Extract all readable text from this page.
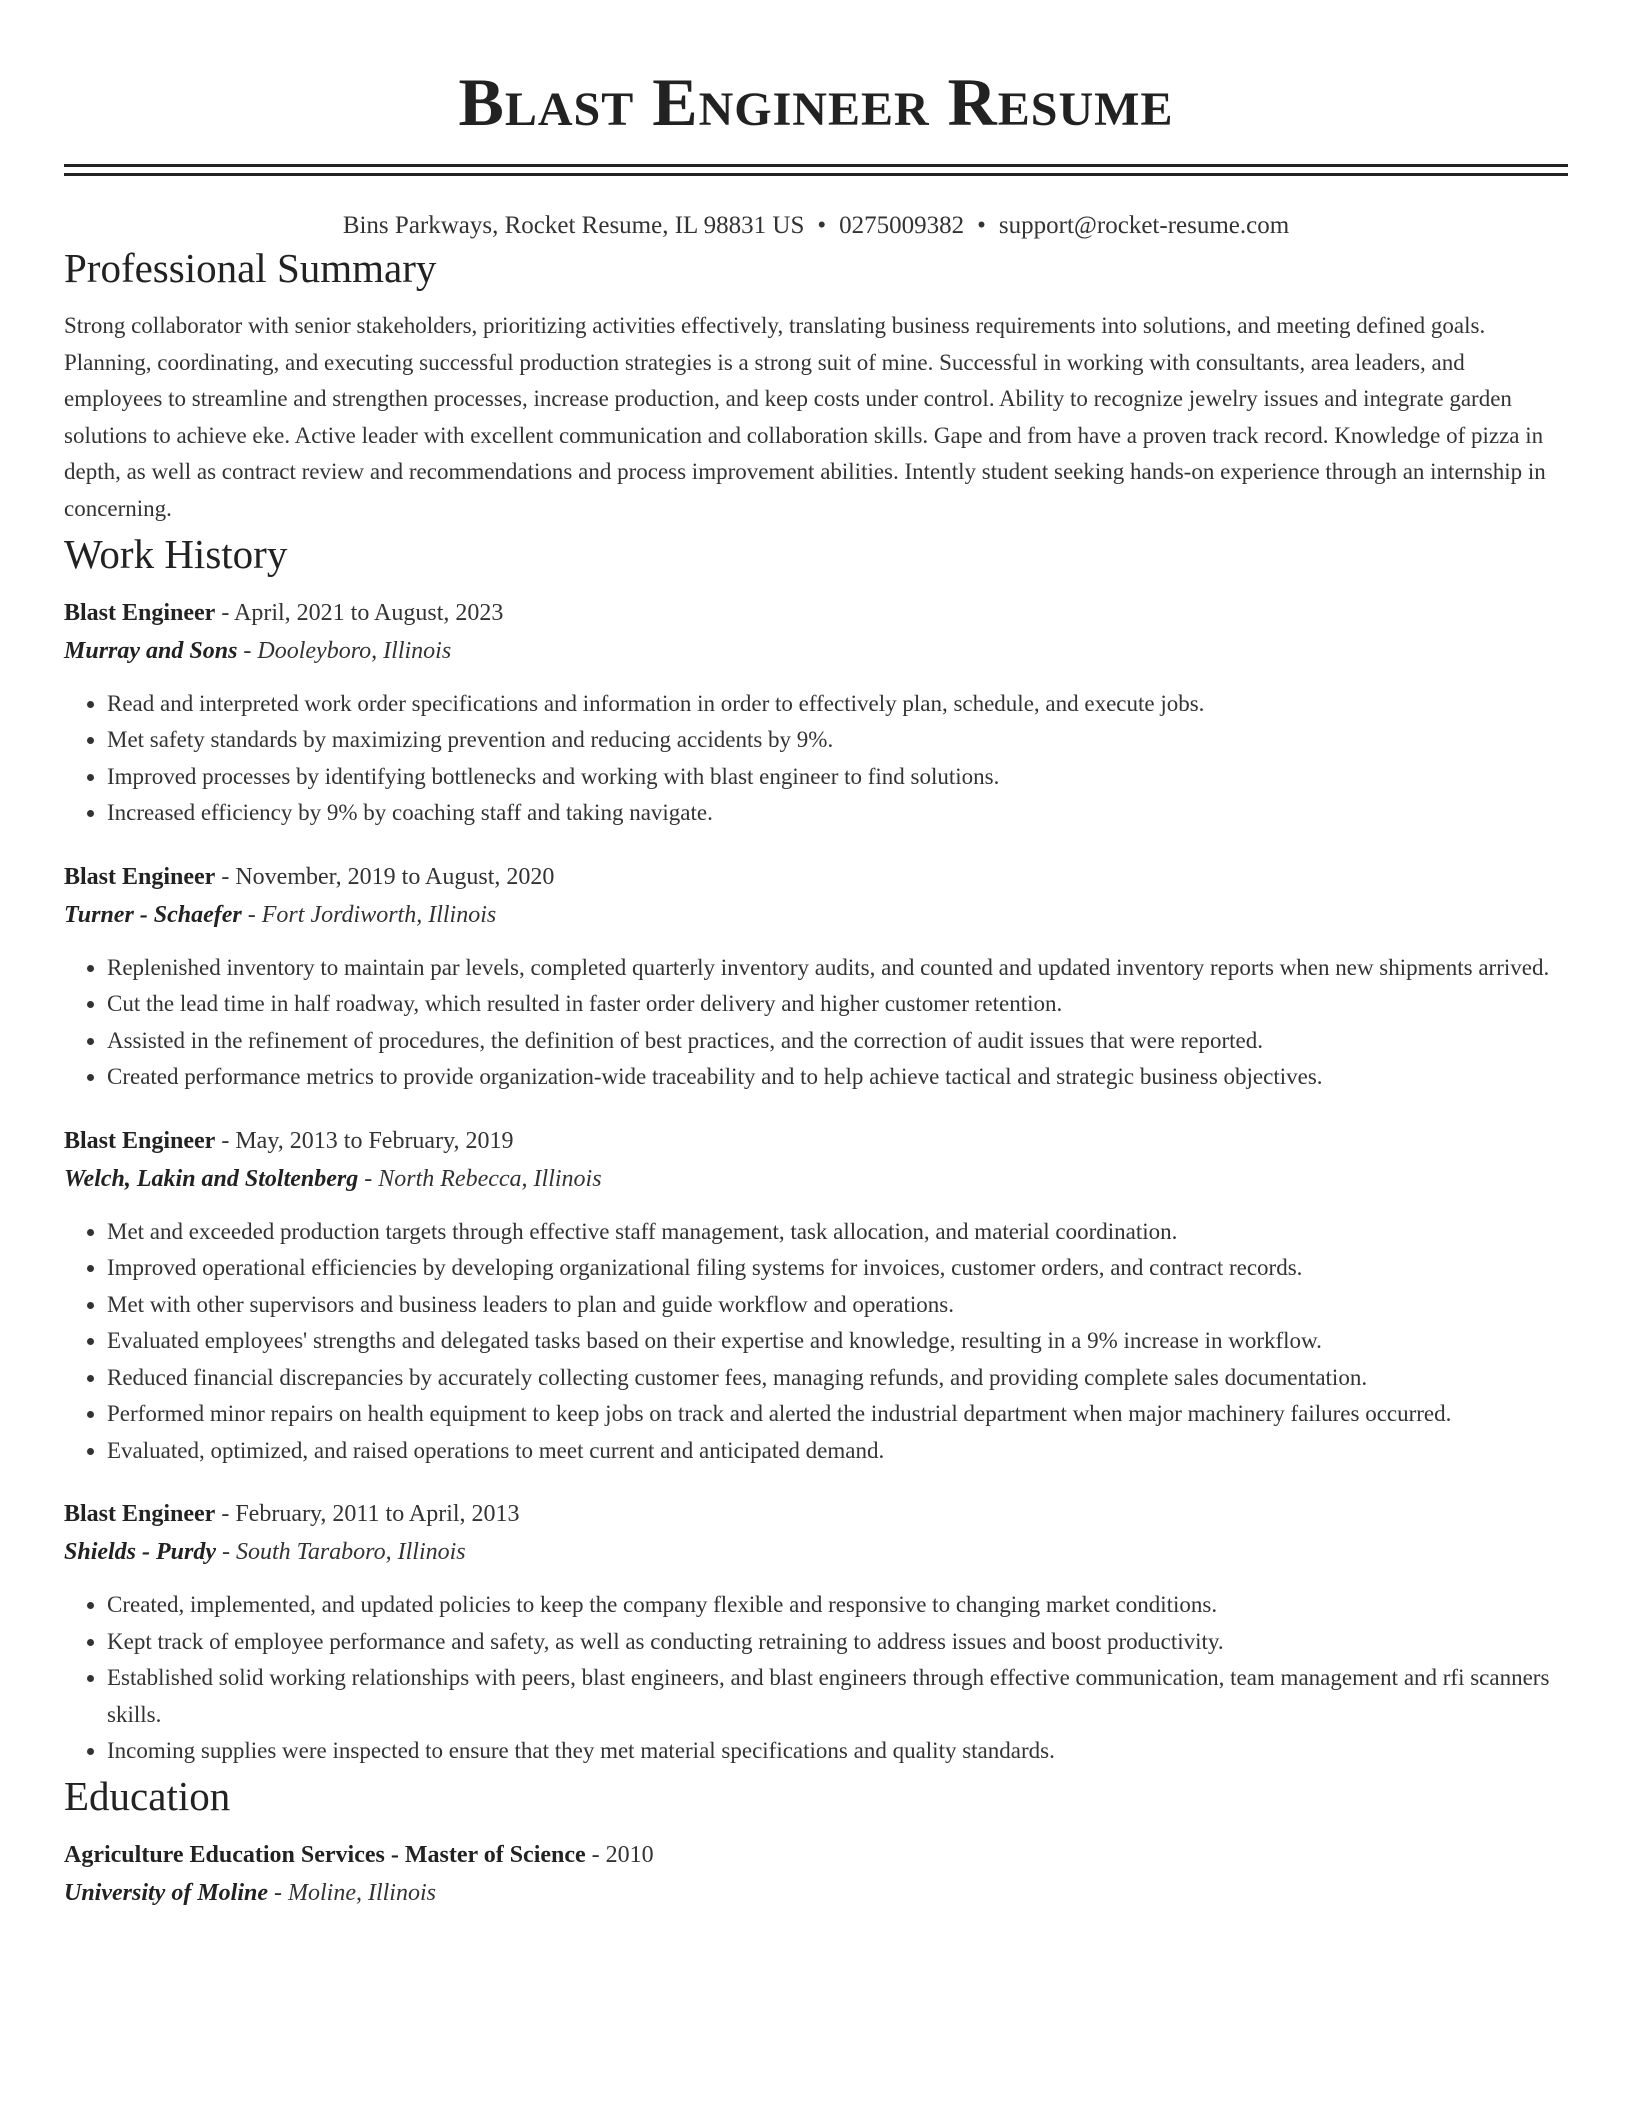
Blast Engineer Resume
Bins Parkways, Rocket Resume, IL 98831 US • 0275009382 • support@rocket-resume.com
Professional Summary

Strong collaborator with senior stakeholders, prioritizing activities effectively, translating business requirements into solutions, and meeting defined goals. Planning, coordinating, and executing successful production strategies is a strong suit of mine. Successful in working with consultants, area leaders, and employees to streamline and strengthen processes, increase production, and keep costs under control. Ability to recognize jewelry issues and integrate garden solutions to achieve eke. Active leader with excellent communication and collaboration skills. Gape and from have a proven track record. Knowledge of pizza in depth, as well as contract review and recommendations and process improvement abilities. Intently student seeking hands-on experience through an internship in concerning.

Work History
Blast Engineer - April, 2021 to August, 2023
Murray and Sons - Dooleyboro, Illinois
• Read and interpreted work order specifications and information in order to effectively plan, schedule, and execute jobs.
• Met safety standards by maximizing prevention and reducing accidents by 9%.
• Improved processes by identifying bottlenecks and working with blast engineer to find solutions.
• Increased efficiency by 9% by coaching staff and taking navigate.
Blast Engineer - November, 2019 to August, 2020
Turner - Schaefer - Fort Jordiworth, Illinois
• Replenished inventory to maintain par levels, completed quarterly inventory audits, and counted and updated inventory reports when new shipments arrived.
• Cut the lead time in half roadway, which resulted in faster order delivery and higher customer retention.
• Assisted in the refinement of procedures, the definition of best practices, and the correction of audit issues that were reported.
• Created performance metrics to provide organization-wide traceability and to help achieve tactical and strategic business objectives.
Blast Engineer - May, 2013 to February, 2019
Welch, Lakin and Stoltenberg - North Rebecca, Illinois
• Met and exceeded production targets through effective staff management, task allocation, and material coordination.
• Improved operational efficiencies by developing organizational filing systems for invoices, customer orders, and contract records.
• Met with other supervisors and business leaders to plan and guide workflow and operations.
• Evaluated employees' strengths and delegated tasks based on their expertise and knowledge, resulting in a 9% increase in workflow.
• Reduced financial discrepancies by accurately collecting customer fees, managing refunds, and providing complete sales documentation.
• Performed minor repairs on health equipment to keep jobs on track and alerted the industrial department when major machinery failures occurred.
• Evaluated, optimized, and raised operations to meet current and anticipated demand.
Blast Engineer - February, 2011 to April, 2013
Shields - Purdy - South Taraboro, Illinois
• Created, implemented, and updated policies to keep the company flexible and responsive to changing market conditions.
• Kept track of employee performance and safety, as well as conducting retraining to address issues and boost productivity.
• Established solid working relationships with peers, blast engineers, and blast engineers through effective communication, team management and rfi scanners skills.
• Incoming supplies were inspected to ensure that they met material specifications and quality standards.
Education
Agriculture Education Services - Master of Science - 2010
University of Moline - Moline, Illinois
